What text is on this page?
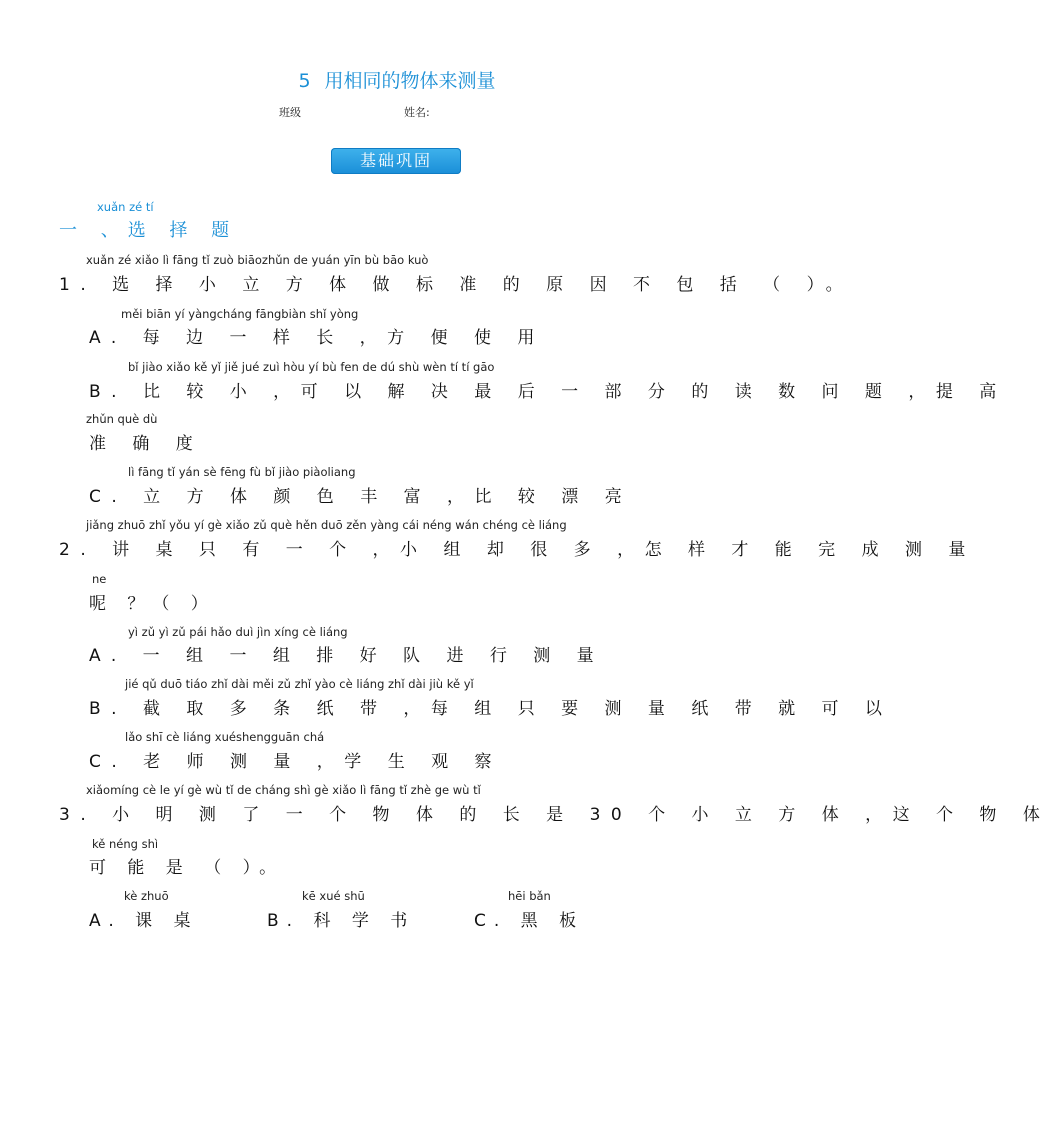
5 用相同的物体来测量
班级	姓名:
基础巩固
xuǎn zé tí
一 、选 择 题
xuǎn zé xiǎo lì fāng tǐ zuò biāozhǔn de yuán yīn bù bāo kuò
1. 选 择 小 立 方 体 做 标 准 的 原 因 不 包 括 （ ）。
měi biān yí yàngcháng fāngbiàn shǐ yòng
A. 每 边 一 样 长 ，方 便 使 用
bǐ jiào xiǎo kě yǐ jiě jué zuì hòu yí bù fen de dú shù wèn tí tí gāo
B. 比 较 小 ，可 以 解 决 最 后 一 部 分 的 读 数 问 题 ，提 高
zhǔn què dù
准 确 度
lì fāng tǐ yán sè fēng fù bǐ jiào piàoliang
C. 立 方 体 颜 色 丰 富 ，比 较 漂 亮
jiǎng zhuō zhǐ yǒu yí gè xiǎo zǔ què hěn duō zěn yàng cái néng wán chéng cè liáng
2. 讲 桌 只 有 一 个 ，小 组 却 很 多 ，怎 样 才 能 完 成 测 量
ne
呢 ？（ ）
yì zǔ yì zǔ pái hǎo duì jìn xíng cè liáng
A. 一 组 一 组 排 好 队 进 行 测 量
jié qǔ duō tiáo zhǐ dài měi zǔ zhǐ yào cè liáng zhǐ dài jiù kě yǐ
B. 截 取 多 条 纸 带 ，每 组 只 要 测 量 纸 带 就 可 以
lǎo shī cè liáng xuéshengguān chá
C. 老 师 测 量 ，学 生 观 察
xiǎomíng cè le yí gè wù tǐ de cháng shì gè xiǎo lì fāng tǐ zhè ge wù tǐ
3. 小 明 测 了 一 个 物 体 的 长 是 30 个 小 立 方 体 ，这 个 物 体
kě néng shì
可 能 是 （ ）。
kè zhuō
A. 课 桌
kē xué shū
B. 科 学 书
hēi bǎn
C. 黑 板
